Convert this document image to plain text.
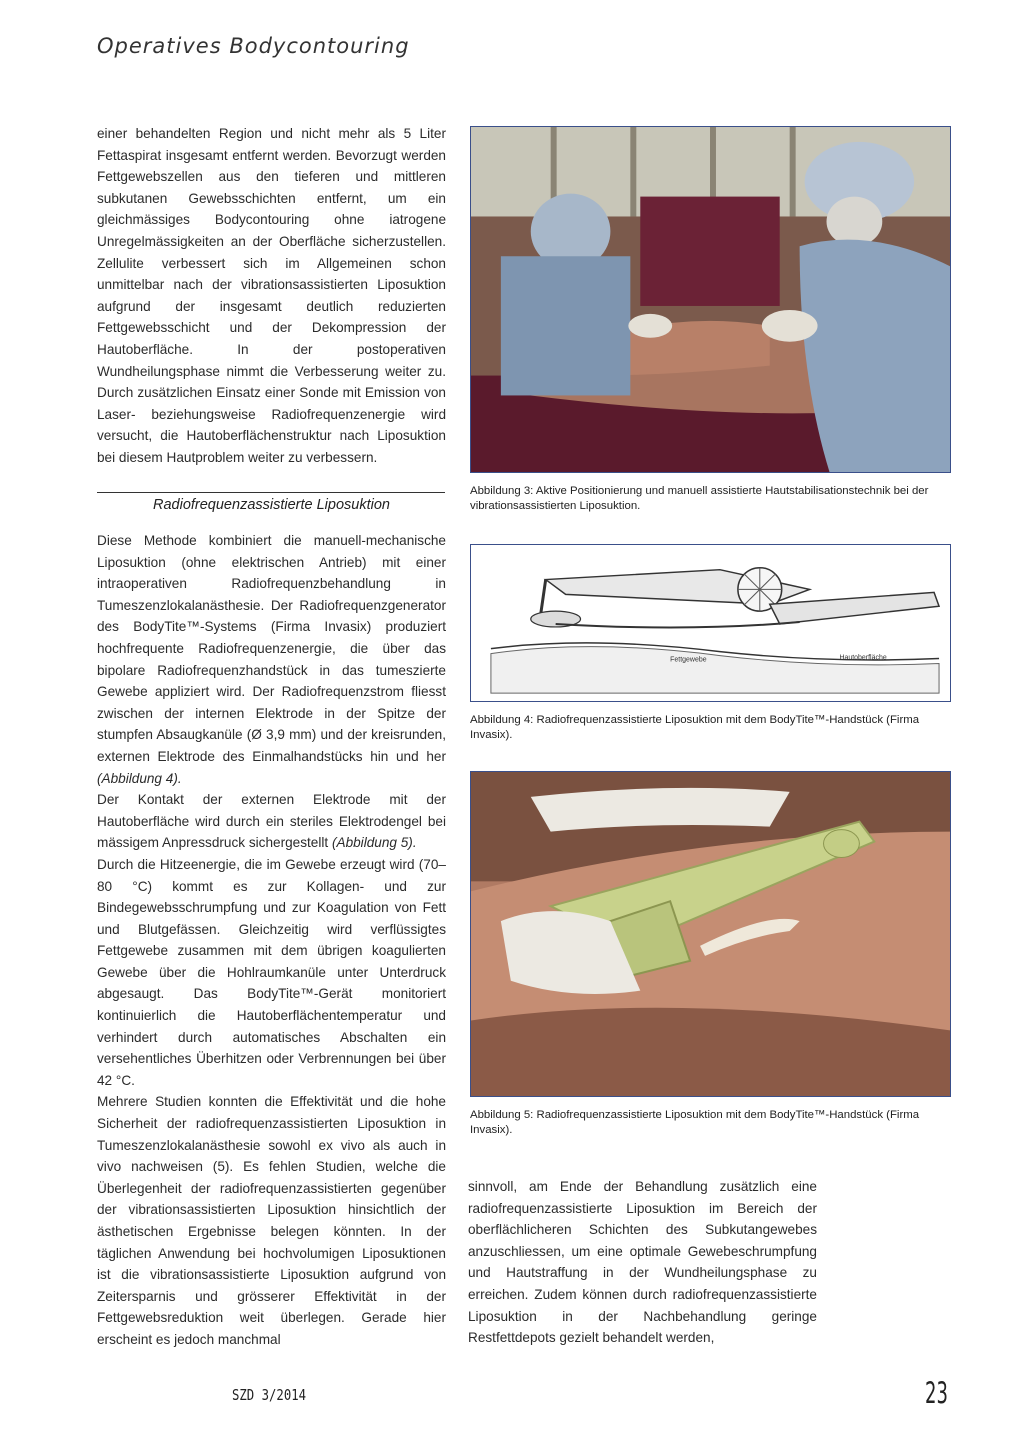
Operatives Bodycontouring
einer behandelten Region und nicht mehr als 5 Liter Fettaspirat insgesamt entfernt werden. Bevorzugt werden Fettgewebszellen aus den tieferen und mittleren subkutanen Gewebsschichten entfernt, um ein gleichmässiges Bodycontouring ohne iatrogene Unregelmässigkeiten an der Oberfläche sicherzustellen. Zellulite verbessert sich im Allgemeinen schon unmittelbar nach der vibrationsassistierten Liposuktion aufgrund der insgesamt deutlich reduzierten Fettgewebsschicht und der Dekompression der Hautoberfläche. In der postoperativen Wundheilungsphase nimmt die Verbesserung weiter zu. Durch zusätzlichen Einsatz einer Sonde mit Emission von Laser- beziehungsweise Radiofrequenzenergie wird versucht, die Hautoberflächenstruktur nach Liposuktion bei diesem Hautproblem weiter zu verbessern.
Radiofrequenzassistierte Liposuktion
Diese Methode kombiniert die manuell-mechanische Liposuktion (ohne elektrischen Antrieb) mit einer intraoperativen Radiofrequenzbehandlung in Tumeszenzlokalanästhesie. Der Radiofrequenzgenerator des BodyTite™-Systems (Firma Invasix) produziert hochfrequente Radiofrequenzenergie, die über das bipolare Radiofrequenzhandstück in das tumeszierte Gewebe appliziert wird. Der Radiofrequenzstrom fliesst zwischen der internen Elektrode in der Spitze der stumpfen Absaugkanüle (Ø 3,9 mm) und der kreisrunden, externen Elektrode des Einmalhandstücks hin und her (Abbildung 4).
Der Kontakt der externen Elektrode mit der Hautoberfläche wird durch ein steriles Elektrodengel bei mässigem Anpressdruck sichergestellt (Abbildung 5).
Durch die Hitzeenergie, die im Gewebe erzeugt wird (70–80 °C) kommt es zur Kollagen- und zur Bindegewebsschrumpfung und zur Koagulation von Fett und Blutgefässen. Gleichzeitig wird verflüssigtes Fettgewebe zusammen mit dem übrigen koagulierten Gewebe über die Hohlraumkanüle unter Unterdruck abgesaugt. Das BodyTite™-Gerät monitoriert kontinuierlich die Hautoberflächentemperatur und verhindert durch automatisches Abschalten ein versehentliches Überhitzen oder Verbrennungen bei über 42 °C.
Mehrere Studien konnten die Effektivität und die hohe Sicherheit der radiofrequenzassistierten Liposuktion in Tumeszenzlokalanästhesie sowohl ex vivo als auch in vivo nachweisen (5). Es fehlen Studien, welche die Überlegenheit der radiofrequenzassistierten gegenüber der vibrationsassistierten Liposuktion hinsichtlich der ästhetischen Ergebnisse belegen könnten. In der täglichen Anwendung bei hochvolumigen Liposuktionen ist die vibrationsassistierte Liposuktion aufgrund von Zeitersparnis und grösserer Effektivität in der Fettgewebsreduktion weit überlegen. Gerade hier erscheint es jedoch manchmal
Abbildung 3: Aktive Positionierung und manuell assistierte Hautstabilisationstechnik bei der vibrationsassistierten Liposuktion.
Fettgewebe	Hautoberfläche
Abbildung 4: Radiofrequenzassistierte Liposuktion mit dem BodyTite™-Handstück (Firma Invasix).
Abbildung 5: Radiofrequenzassistierte Liposuktion mit dem BodyTite™-Handstück (Firma Invasix).
sinnvoll, am Ende der Behandlung zusätzlich eine radiofrequenzassistierte Liposuktion im Bereich der oberflächlicheren Schichten des Subkutangewebes anzuschliessen, um eine optimale Gewebeschrumpfung und Hautstraffung in der Wundheilungsphase zu erreichen. Zudem können durch radiofrequenzassistierte Liposuktion in der Nachbehandlung geringe Restfettdepots gezielt behandelt werden,
SZD 3/2014	23
